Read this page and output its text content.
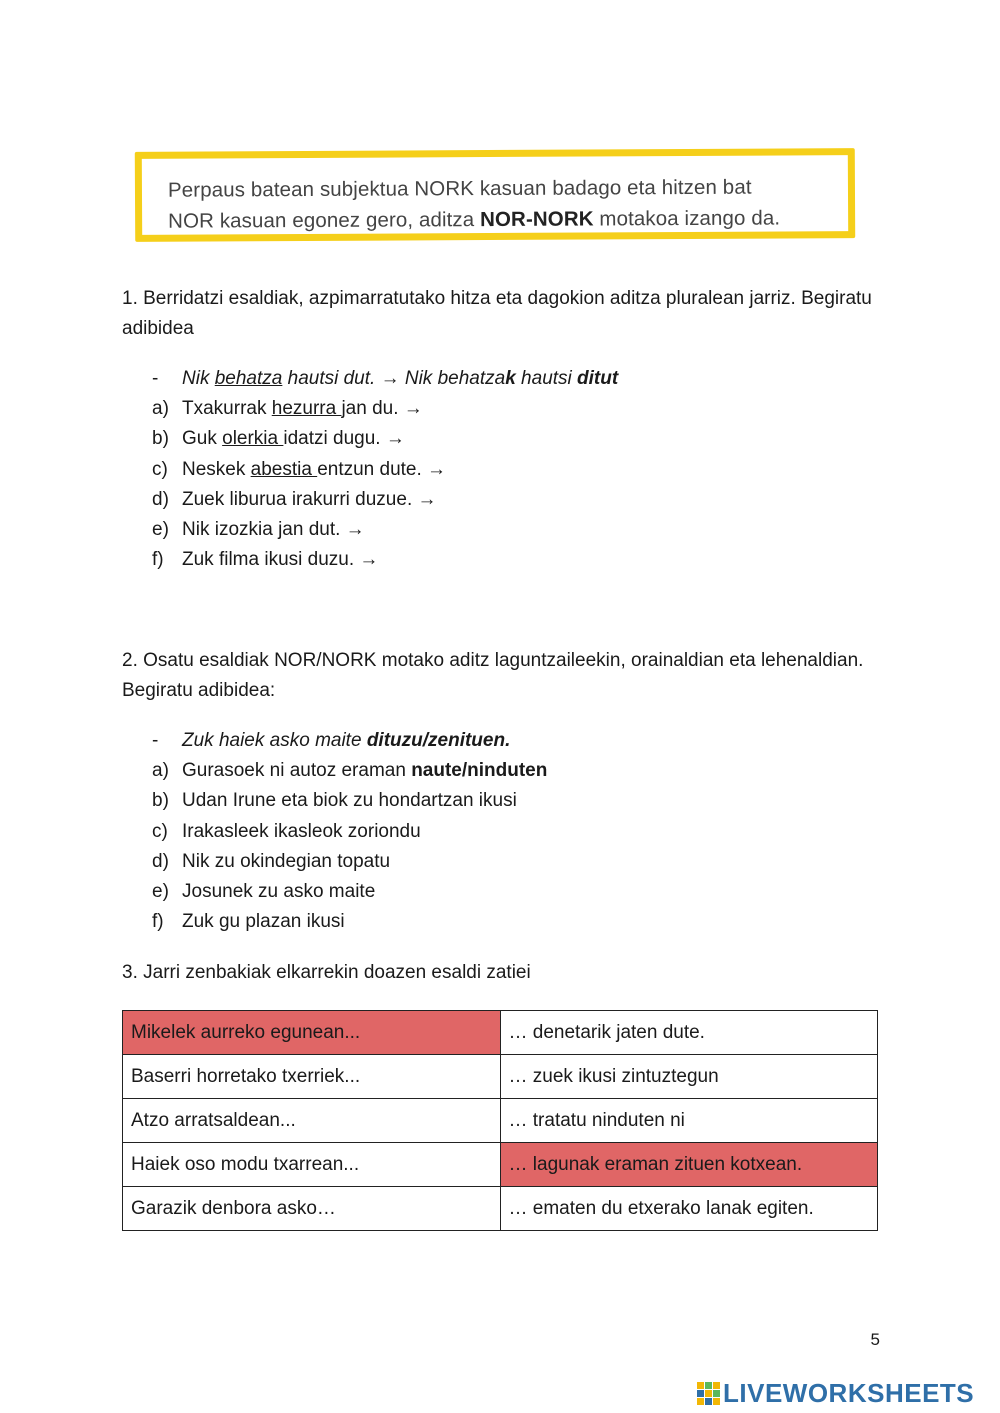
Perpaus batean subjektua NORK kasuan badago eta hitzen bat

NOR kasuan egonez gero, aditza NOR-NORK motakoa izango da.

1. Berridatzi esaldiak, azpimarratutako hitza eta dagokion aditza pluralean jarriz. Begiratu adibidea

- Nik behatza hautsi dut. → Nik behatzak hautsi ditut
a) Txakurrak hezurra jan du. →
b) Guk olerkia idatzi dugu. →
c) Neskek abestia entzun dute. →
d) Zuek liburua irakurri duzue. →
e) Nik izozkia jan dut. →
f) Zuk filma ikusi duzu. →

2. Osatu esaldiak NOR/NORK motako aditz laguntzaileekin, orainaldian eta lehenaldian. Begiratu adibidea:

- Zuk haiek asko maite dituzu/zenituen.
a) Gurasoek ni autoz eraman naute/ninduten
b) Udan Irune eta biok zu hondartzan ikusi
c) Irakasleek ikasleok zoriondu
d) Nik zu okindegian topatu
e) Josunek zu asko maite
f) Zuk gu plazan ikusi

3. Jarri zenbakiak elkarrekin doazen esaldi zatiei

Mikelek aurreko egunean...	… denetarik jaten dute.
Baserri horretako txerriek...	… zuek ikusi zintuztegun
Atzo arratsaldean...	… tratatu ninduten ni
Haiek oso modu txarrean...	… lagunak eraman zituen kotxean.
Garazik denbora asko…	… ematen du etxerako lanak egiten.
5
LIVEWORKSHEETS
